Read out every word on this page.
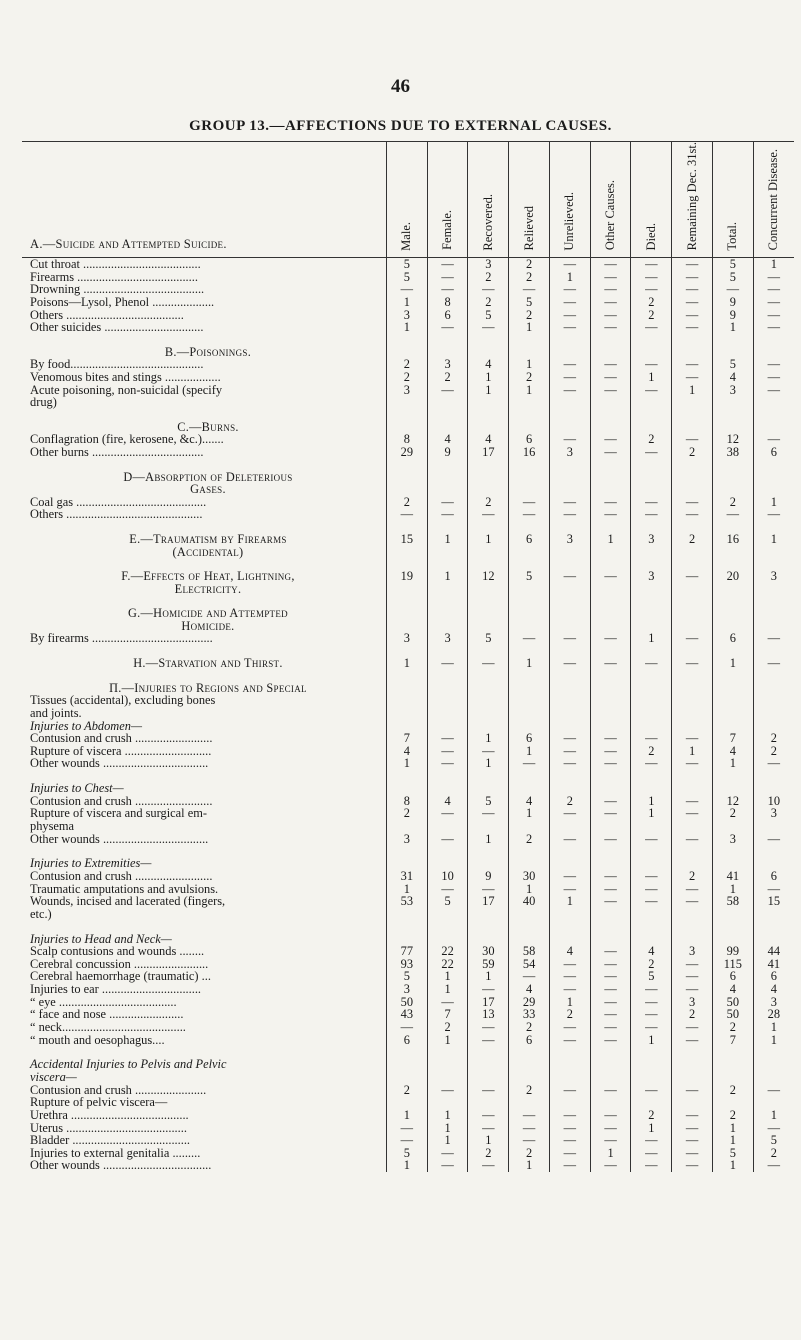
46
GROUP 13.—AFFECTIONS DUE TO EXTERNAL CAUSES.
A.—Suicide and Attempted Suicide.	Male.	Female.	Recovered.	Relieved	Unrelieved.	Other Causes.	Died.	Remaining Dec. 31st.	Total.	Concurrent Disease.
Cut throat ......................................	5	—	3	2	—	—	—	—	5	1
Firearms .......................................	5	—	2	2	1	—	—	—	5	—
Drowning .......................................	—	—	—	—	—	—	—	—	—	—
Poisons—Lysol, Phenol ....................	1	8	2	5	—	—	2	—	9	—
Others ......................................	3	6	5	2	—	—	2	—	9	—
Other suicides ................................	1	—	—	1	—	—	—	—	1	—

B.—Poisonings.										
By food...........................................	2	3	4	1	—	—	—	—	5	—
Venomous bites and stings ..................	2	2	1	2	—	—	1	—	4	—
Acute poisoning, non-suicidal (specify	3	—	1	1	—	—	—	1	3	—
drug)										

C.—Burns.										
Conflagration (fire, kerosene, &c.).......	8	4	4	6	—	—	2	—	12	—
Other burns ....................................	29	9	17	16	3	—	—	2	38	6

D—Absorption of Deleterious										
Gases.										
Coal gas ..........................................	2	—	2	—	—	—	—	—	2	1
Others ............................................	—	—	—	—	—	—	—	—	—	—

E.—Traumatism by Firearms	15	1	1	6	3	1	3	2	16	1
(Accidental)										

F.—Effects of Heat, Lightning,	19	1	12	5	—	—	3	—	20	3
Electricity.										

G.—Homicide and Attempted										
Homicide.										
By firearms .......................................	3	3	5	—	—	—	1	—	6	—

H.—Starvation and Thirst.	1	—	—	1	—	—	—	—	1	—

Π.—Injuries to Regions and Special										
Tissues (accidental), excluding bones										
and joints.										
Injuries to Abdomen—										
Contusion and crush .........................	7	—	1	6	—	—	—	—	7	2
Rupture of viscera ............................	4	—	—	1	—	—	2	1	4	2
Other wounds ..................................	1	—	1	—	—	—	—	—	1	—

Injuries to Chest—										
Contusion and crush .........................	8	4	5	4	2	—	1	—	12	10
Rupture of viscera and surgical em-	2	—	—	1	—	—	1	—	2	3
physema										
Other wounds ..................................	3	—	1	2	—	—	—	—	3	—

Injuries to Extremities—										
Contusion and crush .........................	31	10	9	30	—	—	—	2	41	6
Traumatic amputations and avulsions.	1	—	—	1	—	—	—	—	1	—
Wounds, incised and lacerated (fingers,	53	5	17	40	1	—	—	—	58	15
etc.)										

Injuries to Head and Neck—										
Scalp contusions and wounds ........	77	22	30	58	4	—	4	3	99	44
Cerebral concussion ........................	93	22	59	54	—	—	2	—	115	41
Cerebral haemorrhage (traumatic) ...	5	1	1	—	—	—	5	—	6	6
Injuries to ear ................................	3	1	—	4	—	—	—	—	4	4
“ eye ......................................	50	—	17	29	1	—	—	3	50	3
“ face and nose ........................	43	7	13	33	2	—	—	2	50	28
“ neck........................................	—	2	—	2	—	—	—	—	2	1
“ mouth and oesophagus....	6	1	—	6	—	—	1	—	7	1

Accidental Injuries to Pelvis and Pelvic										
viscera—										
Contusion and crush .......................	2	—	—	2	—	—	—	—	2	—
Rupture of pelvic viscera—										
Urethra ......................................	1	1	—	—	—	—	2	—	2	1
Uterus .......................................	—	1	—	—	—	—	1	—	1	—
Bladder ......................................	—	1	1	—	—	—	—	—	1	5
Injuries to external genitalia .........	5	—	2	2	—	1	—	—	5	2
Other wounds ...................................	1	—	—	1	—	—	—	—	1	—
